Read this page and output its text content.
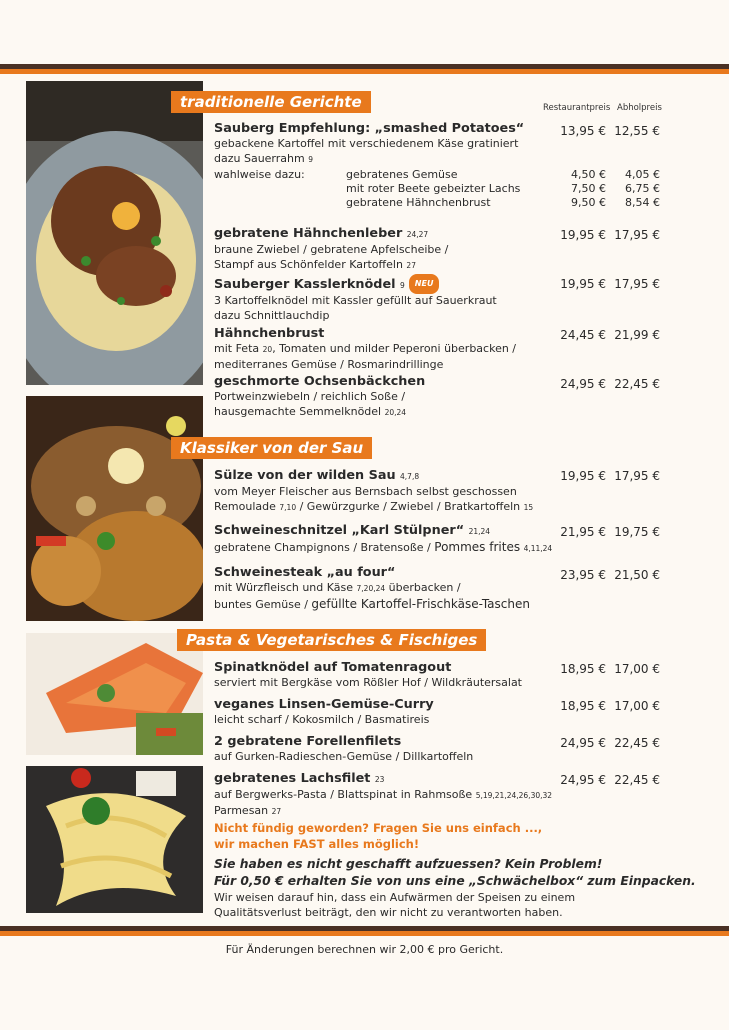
traditionelle Gerichte
Klassiker von der Sau
Pasta & Vegetarisches & Fischiges
Restaurantpreis Abholpreis
Sauberg Empfehlung: „smashed Potatoes“
gebackene Kartoffel mit verschiedenem Käse gratiniert
dazu Sauerrahm 9
13,95 € 12,55 €
wahlweise dazu:	gebratenes Gemüse
mit roter Beete gebeizter Lachs
gebratene Hähnchenbrust
4,50 €
7,50 €
9,50 €
4,05 €
6,75 €
8,54 €
gebratene Hähnchenleber 24,27
braune Zwiebel / gebratene Apfelscheibe /
Stampf aus Schönfelder Kartoffeln 27
19,95 € 17,95 €
Sauberger Kasslerknödel 9 NEU
3 Kartoffelknödel mit Kassler gefüllt auf Sauerkraut
dazu Schnittlauchdip
19,95 € 17,95 €
Hähnchenbrust
mit Feta 20, Tomaten und milder Peperoni überbacken /
mediterranes Gemüse / Rosmarindrillinge
24,45 € 21,99 €
geschmorte Ochsenbäckchen
Portweinzwiebeln / reichlich Soße /
hausgemachte Semmelknödel 20,24
24,95 € 22,45 €
Sülze von der wilden Sau 4,7,8
vom Meyer Fleischer aus Bernsbach selbst geschossen
Remoulade 7,10 / Gewürzgurke / Zwiebel / Bratkartoffeln 15
19,95 € 17,95 €
Schweineschnitzel „Karl Stülpner“ 21,24
gebratene Champignons / Bratensoße / Pommes frites 4,11,24
21,95 € 19,75 €
Schweinesteak „au four“
mit Würzfleisch und Käse 7,20,24 überbacken /
buntes Gemüse / gefüllte Kartoffel-Frischkäse-Taschen
23,95 € 21,50 €
Spinatknödel auf Tomatenragout
serviert mit Bergkäse vom Rößler Hof / Wildkräutersalat
18,95 € 17,00 €
veganes Linsen-Gemüse-Curry
leicht scharf / Kokosmilch / Basmatireis
18,95 € 17,00 €
2 gebratene Forellenfilets
auf Gurken-Radieschen-Gemüse / Dillkartoffeln
24,95 € 22,45 €
gebratenes Lachsfilet 23
auf Bergwerks-Pasta / Blattspinat in Rahmsoße 5,19,21,24,26,30,32
Parmesan 27
24,95 € 22,45 €
Nicht fündig geworden? Fragen Sie uns einfach ...,
wir machen FAST alles möglich!
Sie haben es nicht geschafft aufzuessen? Kein Problem!
Für 0,50 € erhalten Sie von uns eine „Schwächelbox“ zum Einpacken.
Wir weisen darauf hin, dass ein Aufwärmen der Speisen zu einem
Qualitätsverlust beiträgt, den wir nicht zu verantworten haben.
Für Änderungen berechnen wir 2,00 € pro Gericht.
